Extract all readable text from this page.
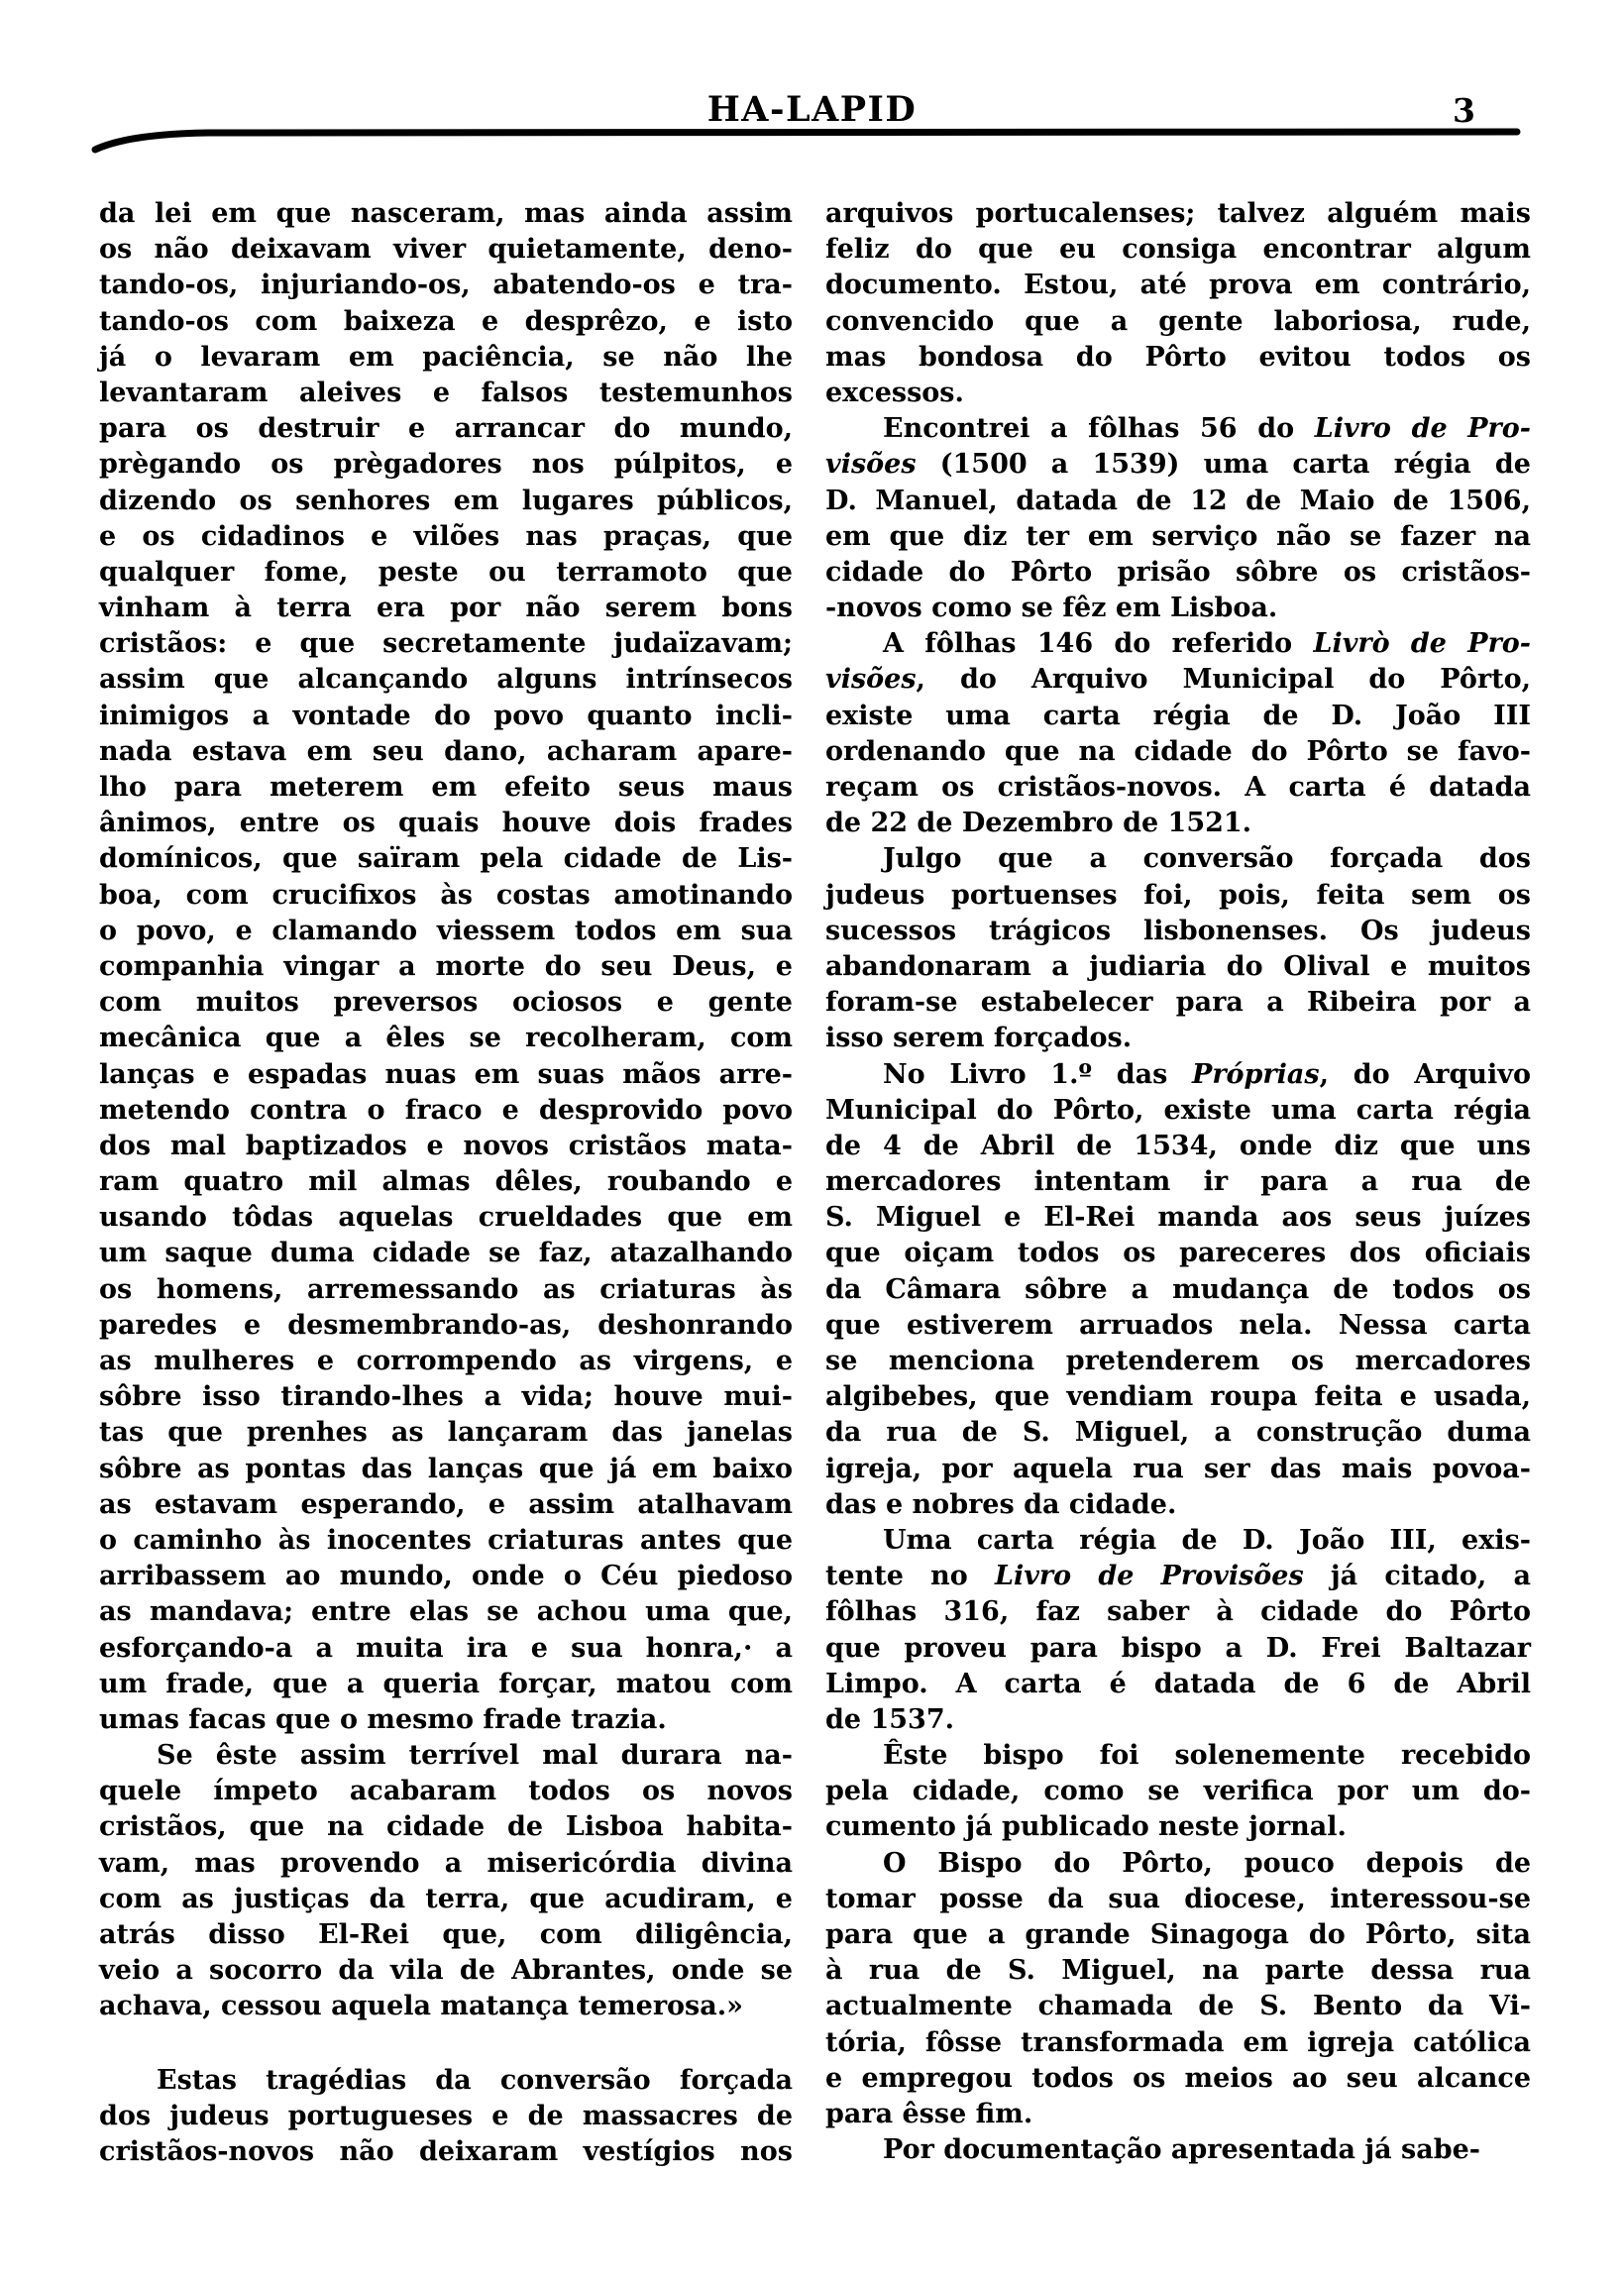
HA-LAPID	3
da lei em que nasceram, mas ainda assim
os não deixavam viver quietamente, deno-
tando-os, injuriando-os, abatendo-os e tra-
tando-os com baixeza e desprêzo, e isto
já o levaram em paciência, se não lhe
levantaram aleives e falsos testemunhos
para os destruir e arrancar do mundo,
prègando os prègadores nos púlpitos, e
dizendo os senhores em lugares públicos,
e os cidadinos e vilões nas praças, que
qualquer fome, peste ou terramoto que
vinham à terra era por não serem bons
cristãos: e que secretamente judaïzavam;
assim que alcançando alguns intrínsecos
inimigos a vontade do povo quanto incli-
nada estava em seu dano, acharam apare-
lho para meterem em efeito seus maus
ânimos, entre os quais houve dois frades
domínicos, que saïram pela cidade de Lis-
boa, com crucifixos às costas amotinando
o povo, e clamando viessem todos em sua
companhia vingar a morte do seu Deus, e
com muitos preversos ociosos e gente
mecânica que a êles se recolheram, com
lanças e espadas nuas em suas mãos arre-
metendo contra o fraco e desprovido povo
dos mal baptizados e novos cristãos mata-
ram quatro mil almas dêles, roubando e
usando tôdas aquelas crueldades que em
um saque duma cidade se faz, atazalhando
os homens, arremessando as criaturas às
paredes e desmembrando-as, deshonrando
as mulheres e corrompendo as virgens, e
sôbre isso tirando-lhes a vida; houve mui-
tas que prenhes as lançaram das janelas
sôbre as pontas das lanças que já em baixo
as estavam esperando, e assim atalhavam
o caminho às inocentes criaturas antes que
arribassem ao mundo, onde o Céu piedoso
as mandava; entre elas se achou uma que,
esforçando-a a muita ira e sua honra,· a
um frade, que a queria forçar, matou com
umas facas que o mesmo frade trazia.
Se êste assim terrível mal durara na-
quele ímpeto acabaram todos os novos
cristãos, que na cidade de Lisboa habita-
vam, mas provendo a misericórdia divina
com as justiças da terra, que acudiram, e
atrás disso El-Rei que, com diligência,
veio a socorro da vila de Abrantes, onde se
achava, cessou aquela matança temerosa.»
Estas tragédias da conversão forçada
dos judeus portugueses e de massacres de
cristãos-novos não deixaram vestígios nos
arquivos portucalenses; talvez alguém mais
feliz do que eu consiga encontrar algum
documento. Estou, até prova em contrário,
convencido que a gente laboriosa, rude,
mas bondosa do Pôrto evitou todos os
excessos.
Encontrei a fôlhas 56 do Livro de Pro-
visões (1500 a 1539) uma carta régia de
D. Manuel, datada de 12 de Maio de 1506,
em que diz ter em serviço não se fazer na
cidade do Pôrto prisão sôbre os cristãos-
-novos como se fêz em Lisboa.
A fôlhas 146 do referido Livrò de Pro-
visões, do Arquivo Municipal do Pôrto,
existe uma carta régia de D. João III
ordenando que na cidade do Pôrto se favo-
reçam os cristãos-novos. A carta é datada
de 22 de Dezembro de 1521.
Julgo que a conversão forçada dos
judeus portuenses foi, pois, feita sem os
sucessos trágicos lisbonenses. Os judeus
abandonaram a judiaria do Olival e muitos
foram-se estabelecer para a Ribeira por a
isso serem forçados.
No Livro 1.º das Próprias, do Arquivo
Municipal do Pôrto, existe uma carta régia
de 4 de Abril de 1534, onde diz que uns
mercadores intentam ir para a rua de
S. Miguel e El-Rei manda aos seus juízes
que oiçam todos os pareceres dos oficiais
da Câmara sôbre a mudança de todos os
que estiverem arruados nela. Nessa carta
se menciona pretenderem os mercadores
algibebes, que vendiam roupa feita e usada,
da rua de S. Miguel, a construção duma
igreja, por aquela rua ser das mais povoa-
das e nobres da cidade.
Uma carta régia de D. João III, exis-
tente no Livro de Provisões já citado, a
fôlhas 316, faz saber à cidade do Pôrto
que proveu para bispo a D. Frei Baltazar
Limpo. A carta é datada de 6 de Abril
de 1537.
Êste bispo foi solenemente recebido
pela cidade, como se verifica por um do-
cumento já publicado neste jornal.
O Bispo do Pôrto, pouco depois de
tomar posse da sua diocese, interessou-se
para que a grande Sinagoga do Pôrto, sita
à rua de S. Miguel, na parte dessa rua
actualmente chamada de S. Bento da Vi-
tória, fôsse transformada em igreja católica
e empregou todos os meios ao seu alcance
para êsse fim.
Por documentação apresentada já sabe-
